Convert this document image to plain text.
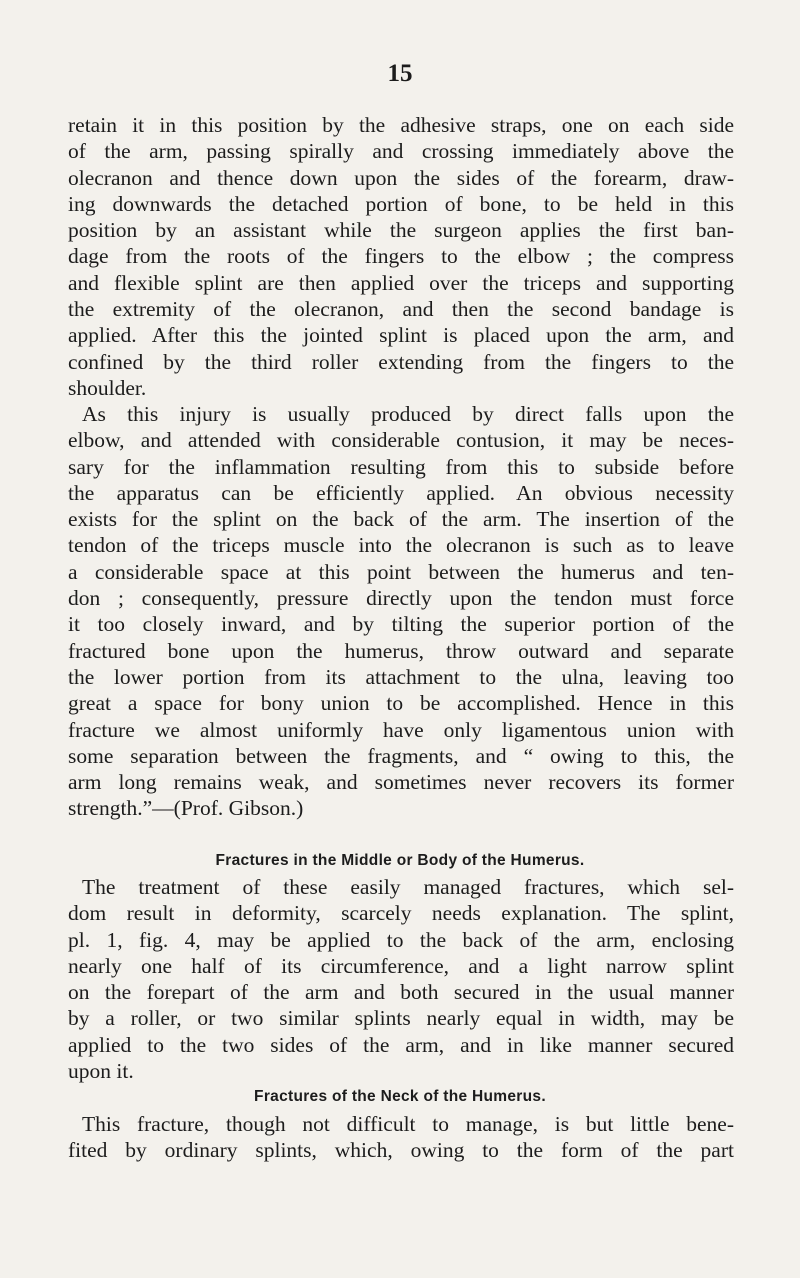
15
retain it in this position by the adhesive straps, one on each side
of the arm, passing spirally and crossing immediately above the
olecranon and thence down upon the sides of the forearm, draw-
ing downwards the detached portion of bone, to be held in this
position by an assistant while the surgeon applies the first ban-
dage from the roots of the fingers to the elbow ; the compress
and flexible splint are then applied over the triceps and supporting
the extremity of the olecranon, and then the second bandage is
applied. After this the jointed splint is placed upon the arm, and
confined by the third roller extending from the fingers to the
shoulder.
As this injury is usually produced by direct falls upon the
elbow, and attended with considerable contusion, it may be neces-
sary for the inflammation resulting from this to subside before
the apparatus can be efficiently applied. An obvious necessity
exists for the splint on the back of the arm. The insertion of the
tendon of the triceps muscle into the olecranon is such as to leave
a considerable space at this point between the humerus and ten-
don ; consequently, pressure directly upon the tendon must force
it too closely inward, and by tilting the superior portion of the
fractured bone upon the humerus, throw outward and separate
the lower portion from its attachment to the ulna, leaving too
great a space for bony union to be accomplished. Hence in this
fracture we almost uniformly have only ligamentous union with
some separation between the fragments, and “ owing to this, the
arm long remains weak, and sometimes never recovers its former
strength.”—(Prof. Gibson.)
Fractures in the Middle or Body of the Humerus.
The treatment of these easily managed fractures, which sel-
dom result in deformity, scarcely needs explanation. The splint,
pl. 1, fig. 4, may be applied to the back of the arm, enclosing
nearly one half of its circumference, and a light narrow splint
on the forepart of the arm and both secured in the usual manner
by a roller, or two similar splints nearly equal in width, may be
applied to the two sides of the arm, and in like manner secured
upon it.
Fractures of the Neck of the Humerus.
This fracture, though not difficult to manage, is but little bene-
fited by ordinary splints, which, owing to the form of the part
